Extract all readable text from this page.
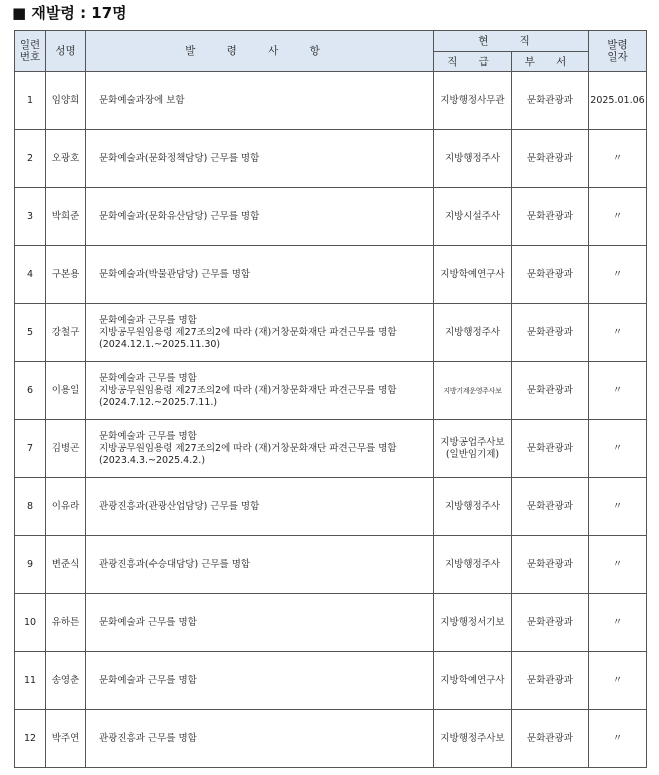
■ 재발령 : 17명
일련
번호	성명	발 령 사 항	현 직		발령
일자

			직 급	부 서	
1	임양희	문화예술과장에 보함	지방행정사무관	문화관광과	2025.01.06
2	오광호	문화예술과(문화정책담당) 근무를 명함	지방행정주사	문화관광과	〃
3	박희준	문화예술과(문화유산담당) 근무를 명함	지방시설주사	문화관광과	〃
4	구본용	문화예술과(박물관담당) 근무를 명함	지방학예연구사	문화관광과	〃
5	강철구	문화예술과 근무를 명함
지방공무원임용령 제27조의2에 따라 (재)거창문화재단 파견근무를 명함
(2024.12.1.~2025.11.30)	지방행정주사	문화관광과	〃
6	이용일	문화예술과 근무를 명함
지방공무원임용령 제27조의2에 따라 (재)거창문화재단 파견근무를 명함
(2024.7.12.~2025.7.11.)	지방기계운영주사보	문화관광과	〃
7	김병곤	문화예술과 근무를 명함
지방공무원임용령 제27조의2에 따라 (재)거창문화재단 파견근무를 명함
(2023.4.3.~2025.4.2.)	지방공업주사보
(일반임기제)	문화관광과	〃
8	이유라	관광진흥과(관광산업담당) 근무를 명함	지방행정주사	문화관광과	〃
9	변준식	관광진흥과(수승대담당) 근무를 명함	지방행정주사	문화관광과	〃
10	유하튼	문화예술과 근무를 명함	지방행정서기보	문화관광과	〃
11	송영춘	문화예술과 근무를 명함	지방학예연구사	문화관광과	〃
12	박주연	관광진흥과 근무를 명함	지방행정주사보	문화관광과	〃
